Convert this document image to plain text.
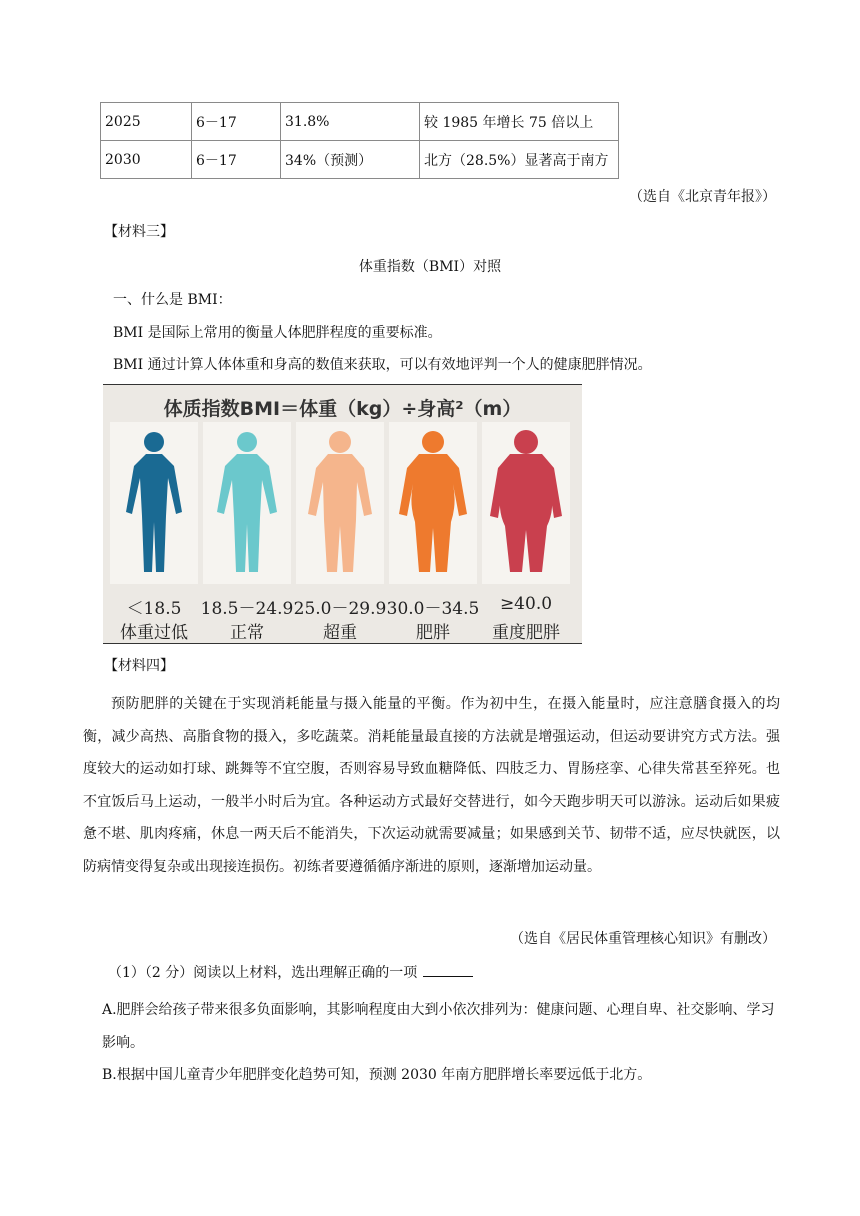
2025	6－17	31.8%	较 1985 年增长 75 倍以上
2030	6－17	34%（预测）	北方（28.5%）显著高于南方
（选自《北京青年报》）
【材料三】
体重指数（BMI）对照
一、什么是 BMI：
BMI 是国际上常用的衡量人体肥胖程度的重要标准。
BMI 通过计算人体体重和身高的数值来获取，可以有效地评判一个人的健康肥胖情况。
体质指数BMI＝体重（kg）÷身高²（m）
＜18.5	18.5－24.9 25.0－29.9 30.0－34.5	≥40.0
体重过低	正常	超重	肥胖	重度肥胖
【材料四】
预防肥胖的关键在于实现消耗能量与摄入能量的平衡。作为初中生，在摄入能量时，应注意膳食摄入的均衡，减少高热、高脂食物的摄入，多吃蔬菜。消耗能量最直接的方法就是增强运动，但运动要讲究方式方法。强度较大的运动如打球、跳舞等不宜空腹，否则容易导致血糖降低、四肢乏力、胃肠痉挛、心律失常甚至猝死。也不宜饭后马上运动，一般半小时后为宜。各种运动方式最好交替进行，如今天跑步明天可以游泳。运动后如果疲惫不堪、肌肉疼痛，休息一两天后不能消失，下次运动就需要减量；如果感到关节、韧带不适，应尽快就医，以防病情变得复杂或出现接连损伤。初练者要遵循循序渐进的原则，逐渐增加运动量。
（选自《居民体重管理核心知识》有删改）
（1）（2 分）阅读以上材料，选出理解正确的一项
A.肥胖会给孩子带来很多负面影响，其影响程度由大到小依次排列为：健康问题、心理自卑、社交影响、学习影响。
B.根据中国儿童青少年肥胖变化趋势可知，预测 2030 年南方肥胖增长率要远低于北方。
